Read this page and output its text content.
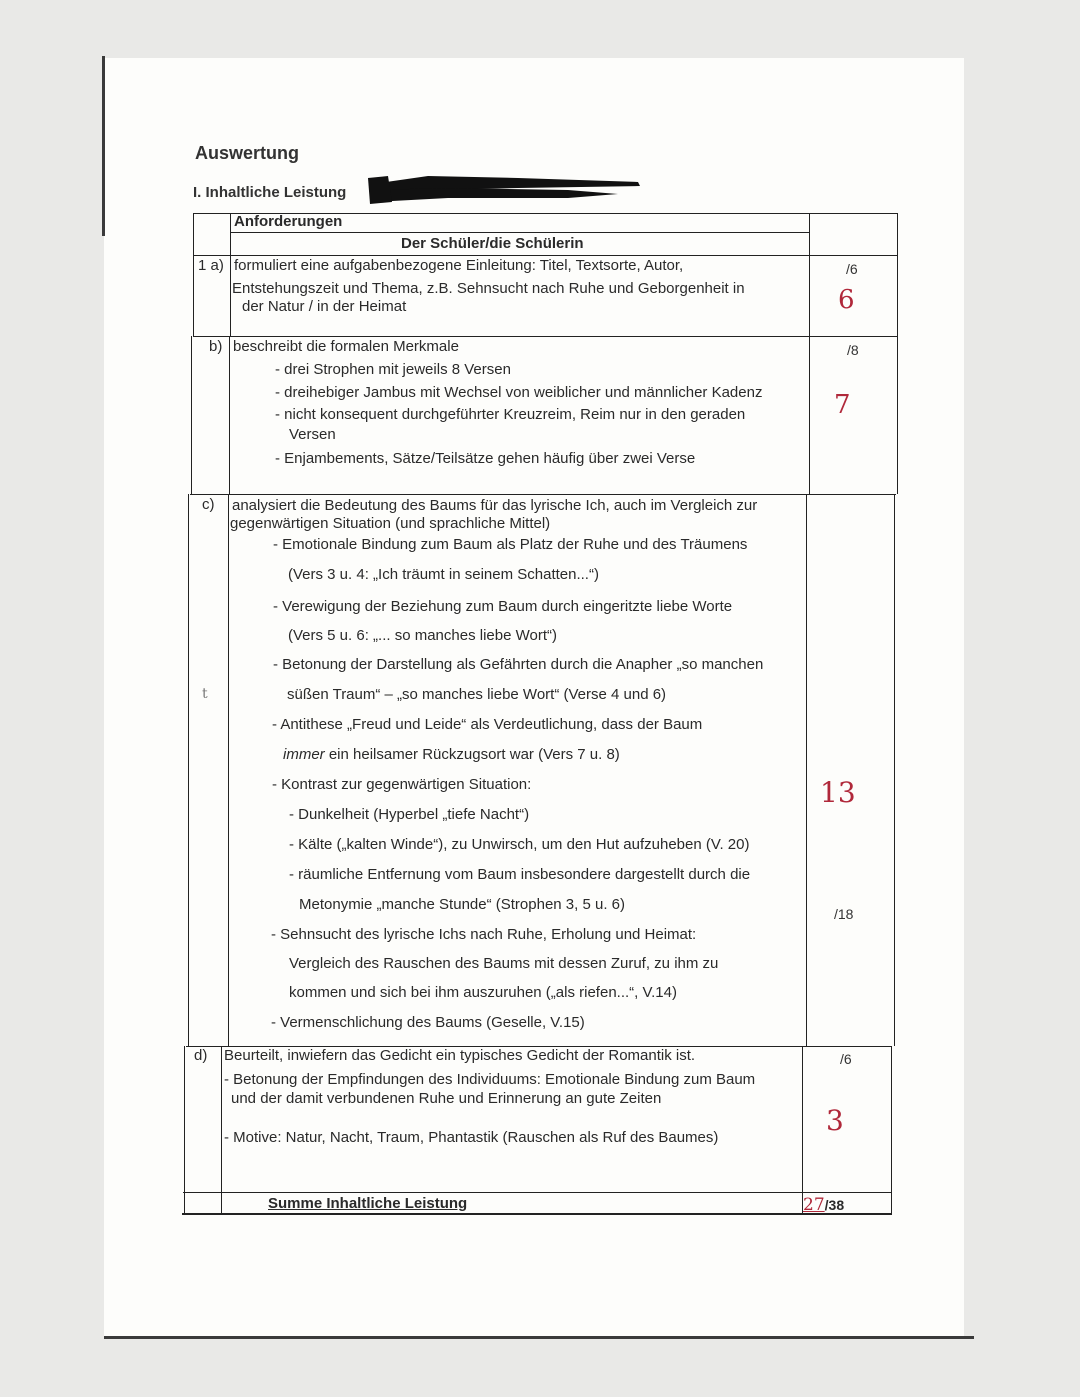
Auswertung
I. Inhaltliche Leistung
Anforderungen
Der Schüler/die Schülerin
1 a) formuliert eine aufgabenbezogene Einleitung: Titel, Textsorte, Autor,
Entstehungszeit und Thema, z.B. Sehnsucht nach Ruhe und Geborgenheit in
der Natur / in der Heimat
/6
6
b) beschreibt die formalen Merkmale
- drei Strophen mit jeweils 8 Versen
- dreihebiger Jambus mit Wechsel von weiblicher und männlicher Kadenz
- nicht konsequent durchgeführter Kreuzreim, Reim nur in den geraden
Versen
- Enjambements, Sätze/Teilsätze gehen häufig über zwei Verse
/8
7
c) analysiert die Bedeutung des Baums für das lyrische Ich, auch im Vergleich zur
gegenwärtigen Situation (und sprachliche Mittel)
- Emotionale Bindung zum Baum als Platz der Ruhe und des Träumens
(Vers 3 u. 4: „Ich träumt in seinem Schatten...“)
- Verewigung der Beziehung zum Baum durch eingeritzte liebe Worte
(Vers 5 u. 6: „... so manches liebe Wort“)
- Betonung der Darstellung als Gefährten durch die Anapher „so manchen
süßen Traum“ – „so manches liebe Wort“ (Verse 4 und 6)
- Antithese „Freud und Leide“ als Verdeutlichung, dass der Baum
immer ein heilsamer Rückzugsort war (Vers 7 u. 8)
- Kontrast zur gegenwärtigen Situation:
- Dunkelheit (Hyperbel „tiefe Nacht“)
- Kälte („kalten Winde“), zu Unwirsch, um den Hut aufzuheben (V. 20)
- räumliche Entfernung vom Baum insbesondere dargestellt durch die
Metonymie „manche Stunde“ (Strophen 3, 5 u. 6)
- Sehnsucht des lyrische Ichs nach Ruhe, Erholung und Heimat:
Vergleich des Rauschen des Baums mit dessen Zuruf, zu ihm zu
kommen und sich bei ihm auszuruhen („als riefen...“, V.14)
- Vermenschlichung des Baums (Geselle, V.15)
t
13
/18
d) Beurteilt, inwiefern das Gedicht ein typisches Gedicht der Romantik ist.
- Betonung der Empfindungen des Individuums: Emotionale Bindung zum Baum
und der damit verbundenen Ruhe und Erinnerung an gute Zeiten
- Motive: Natur, Nacht, Traum, Phantastik (Rauschen als Ruf des Baumes)
/6
3
Summe Inhaltliche Leistung	27/38
